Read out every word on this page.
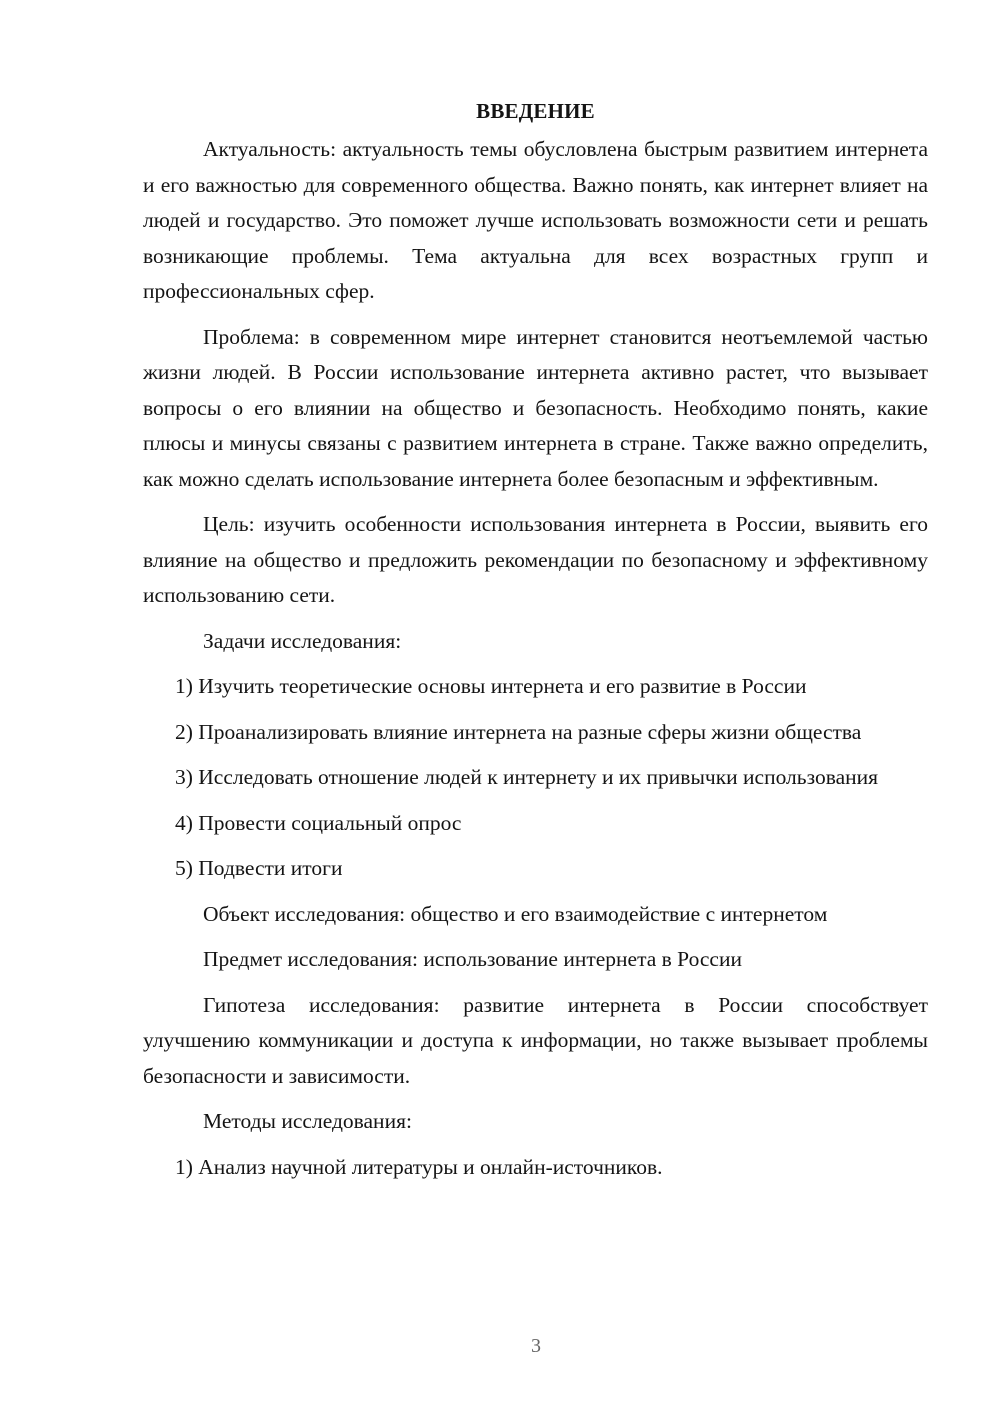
ВВЕДЕНИЕ

Актуальность: актуальность темы обусловлена быстрым развитием интернета и его важностью для современного общества. Важно понять, как интернет влияет на людей и государство. Это поможет лучше использовать возможности сети и решать возникающие проблемы. Тема актуальна для всех возрастных групп и профессиональных сфер.

Проблема: в современном мире интернет становится неотъемлемой частью жизни людей. В России использование интернета активно растет, что вызывает вопросы о его влиянии на общество и безопасность. Необходимо понять, какие плюсы и минусы связаны с развитием интернета в стране. Также важно определить, как можно сделать использование интернета более безопасным и эффективным.

Цель: изучить особенности использования интернета в России, выявить его влияние на общество и предложить рекомендации по безопасному и эффективному использованию сети.

Задачи исследования:

1) Изучить теоретические основы интернета и его развитие в России

2) Проанализировать влияние интернета на разные сферы жизни общества

3) Исследовать отношение людей к интернету и их привычки использования

4) Провести социальный опрос

5) Подвести итоги

Объект исследования: общество и его взаимодействие с интернетом

Предмет исследования: использование интернета в России

Гипотеза исследования: развитие интернета в России способствует улучшению коммуникации и доступа к информации, но также вызывает проблемы безопасности и зависимости.

Методы исследования:

1) Анализ научной литературы и онлайн-источников.

3
